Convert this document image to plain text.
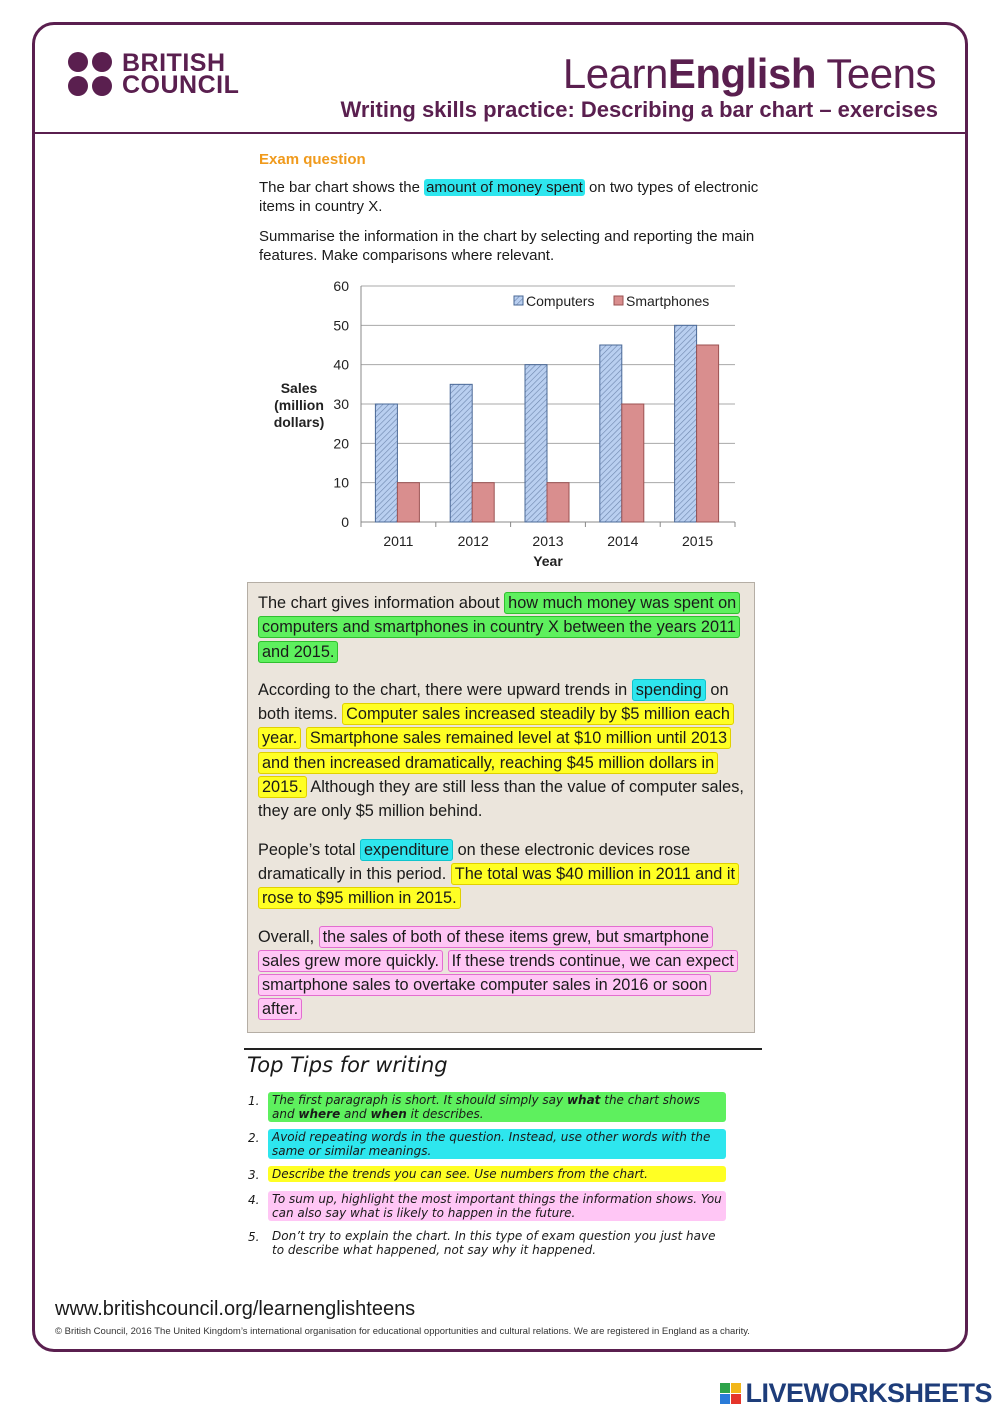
BRITISH
COUNCIL	LearnEnglish Teens
Writing skills practice: Describing a bar chart – exercises
Exam question
The bar chart shows the amount of money spent on two types of electronic items in country X.
Summarise the information in the chart by selecting and reporting the main features. Make comparisons where relevant.
0
10
20
30
40
50
60
2011	2012	2013	2014	2015
Year
Sales
(million
dollars)
Computers Smartphones

The chart gives information about how much money was spent on computers and smartphones in country X between the years 2011 and 2015.

According to the chart, there were upward trends in spending on both items. Computer sales increased steadily by $5 million each year. Smartphone sales remained level at $10 million until 2013 and then increased dramatically, reaching $45 million dollars in 2015. Although they are still less than the value of computer sales, they are only $5 million behind.

People’s total expenditure on these electronic devices rose dramatically in this period. The total was $40 million in 2011 and it rose to $95 million in 2015.

Overall, the sales of both of these items grew, but smartphone sales grew more quickly. If these trends continue, we can expect smartphone sales to overtake computer sales in 2016 or soon after.

Top Tips for writing
1.	The first paragraph is short. It should simply say what the chart shows and where and when it describes.
2.	Avoid repeating words in the question. Instead, use other words with the same or similar meanings.
3.	Describe the trends you can see. Use numbers from the chart.
4.	To sum up, highlight the most important things the information shows. You can also say what is likely to happen in the future.
5.	Don’t try to explain the chart. In this type of exam question you just have to describe what happened, not say why it happened.
www.britishcouncil.org/learnenglishteens
© British Council, 2016 The United Kingdom’s international organisation for educational opportunities and cultural relations. We are registered in England as a charity.
LIVEWORKSHEETS
